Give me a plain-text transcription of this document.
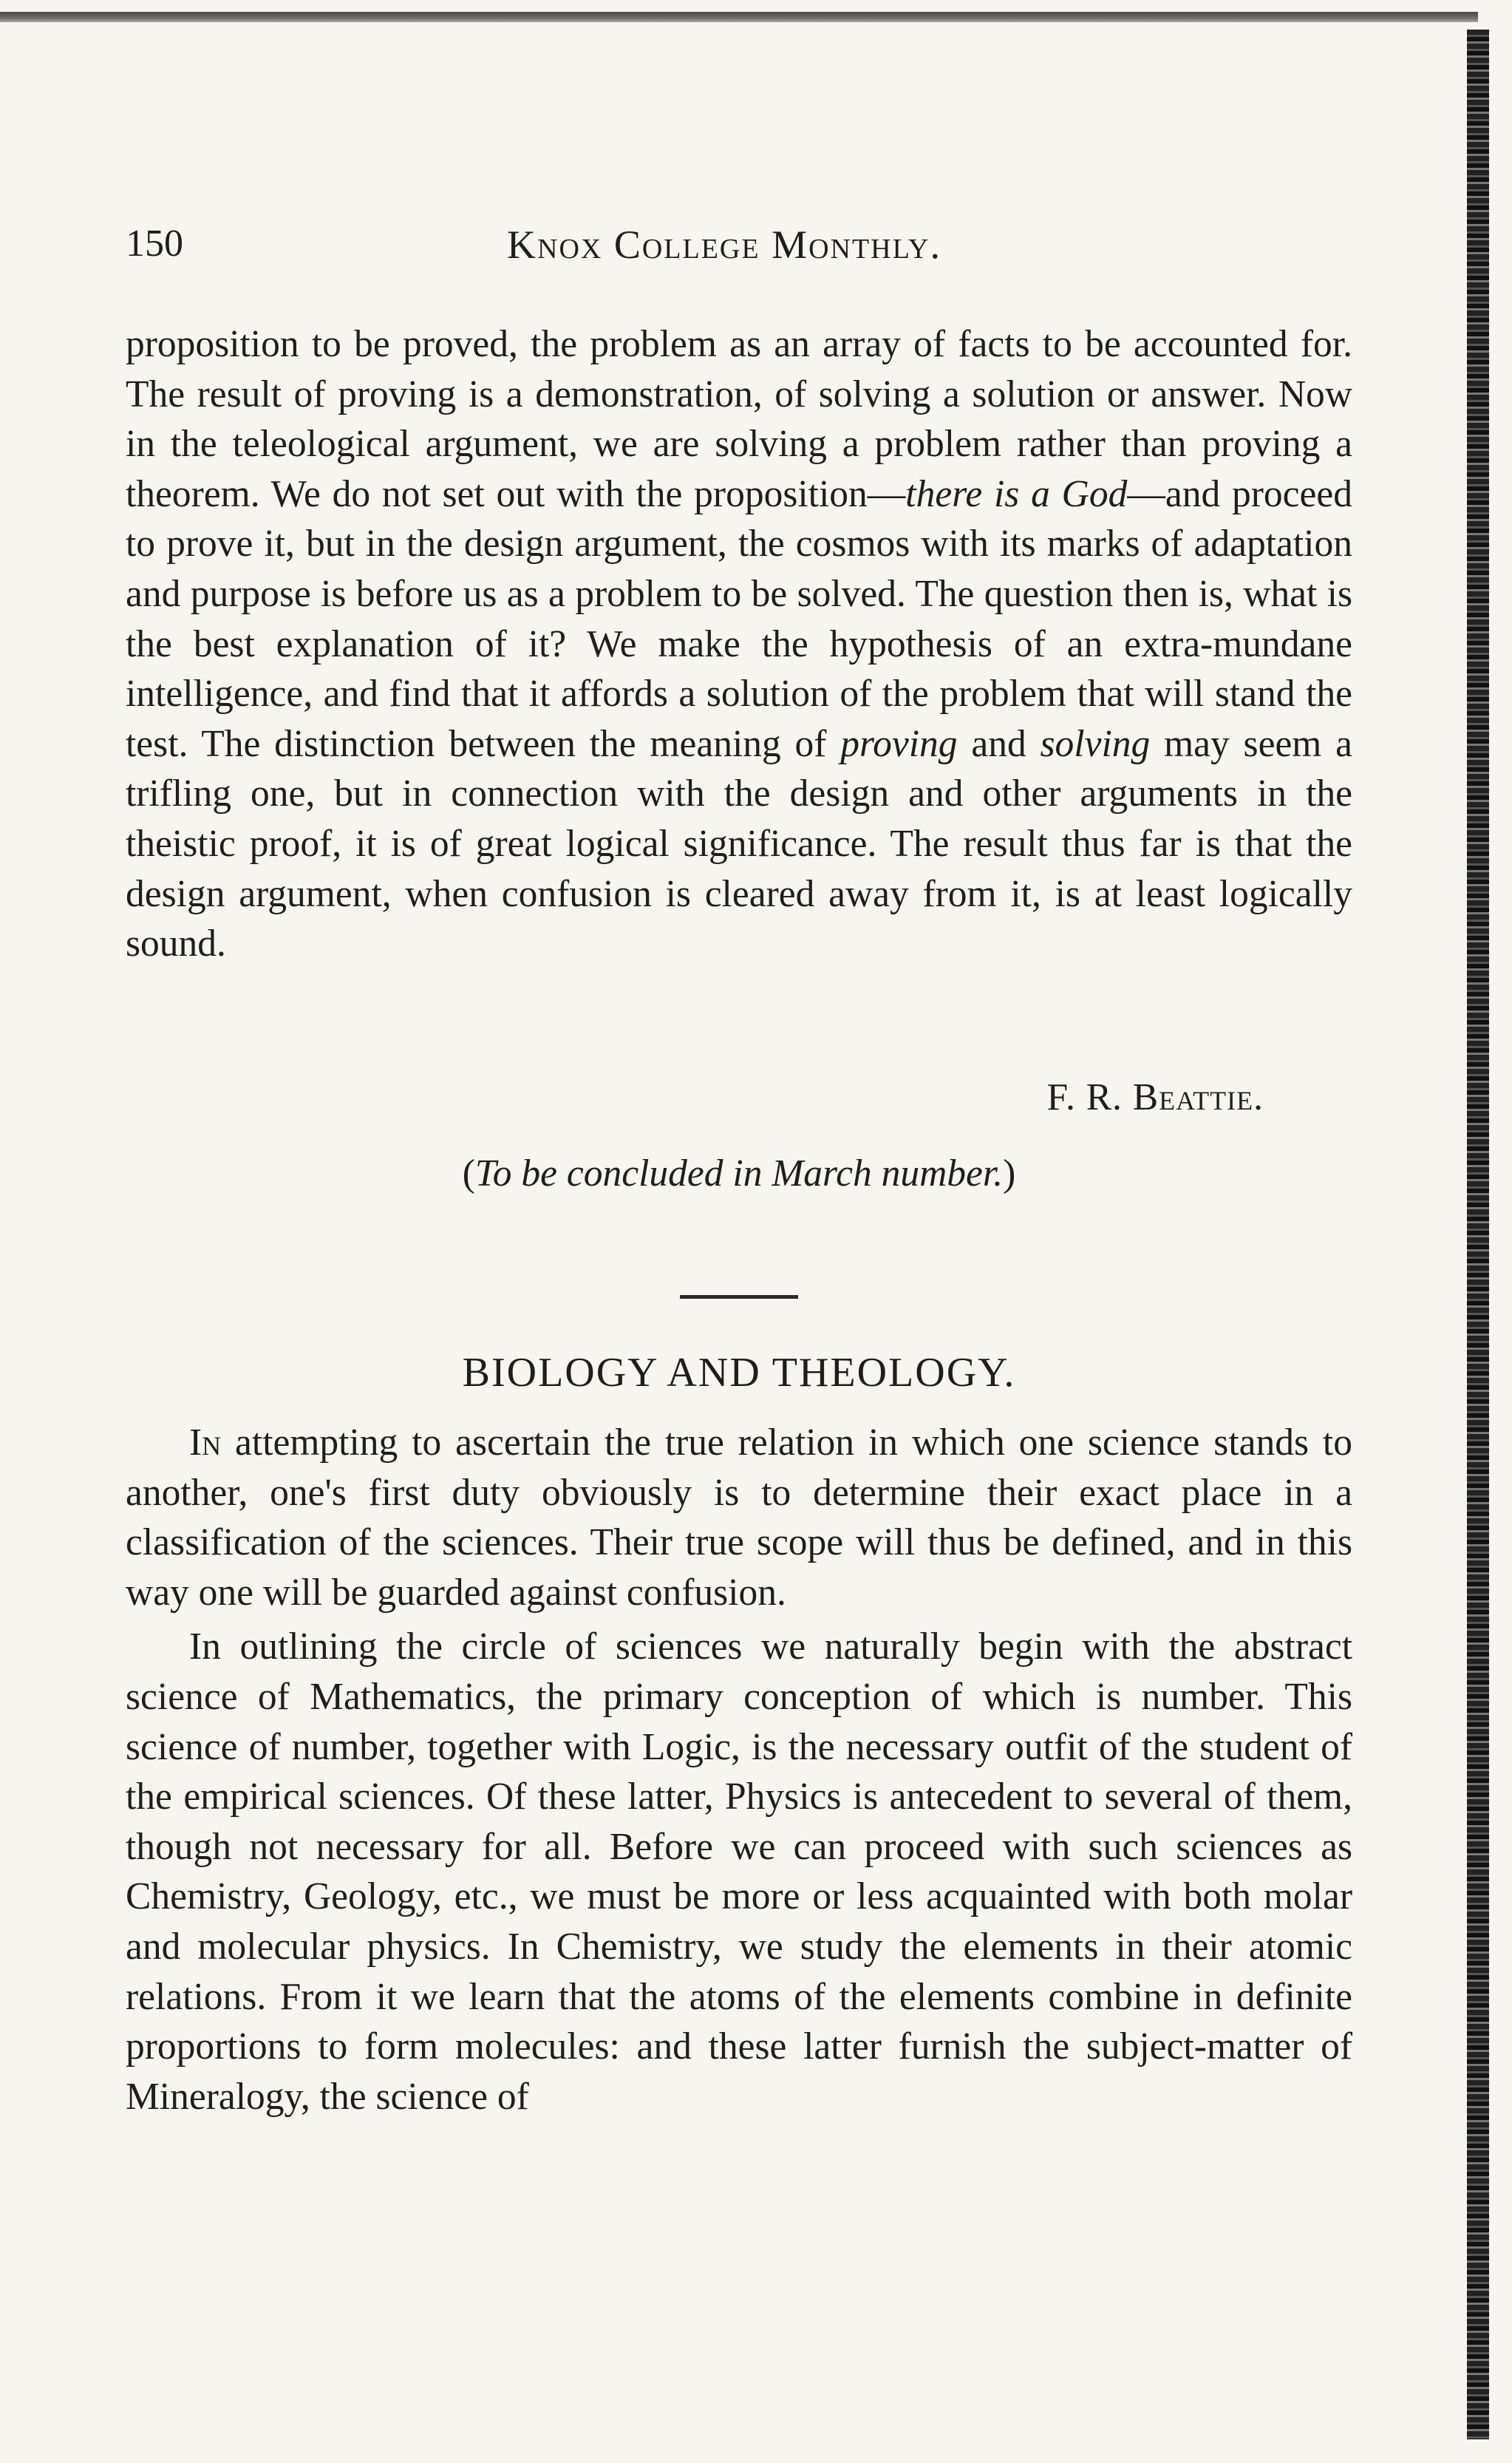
150	Knox College Monthly.

proposition to be proved, the problem as an array of facts to be accounted for. The result of proving is a demonstration, of solving a solution or answer. Now in the teleological argument, we are solving a problem rather than proving a theorem. We do not set out with the proposition—there is a God—and proceed to prove it, but in the design argument, the cosmos with its marks of adaptation and purpose is before us as a problem to be solved. The question then is, what is the best explanation of it? We make the hypothesis of an extra-mundane intelligence, and find that it affords a solution of the problem that will stand the test. The distinction between the meaning of proving and solving may seem a trifling one, but in connection with the design and other arguments in the theistic proof, it is of great logical significance. The result thus far is that the design argument, when confusion is cleared away from it, is at least logically sound.

F. R. Beattie.
(To be concluded in March number.)
BIOLOGY AND THEOLOGY.

In attempting to ascertain the true relation in which one science stands to another, one's first duty obviously is to determine their exact place in a classification of the sciences. Their true scope will thus be defined, and in this way one will be guarded against confusion.

In outlining the circle of sciences we naturally begin with the abstract science of Mathematics, the primary conception of which is number. This science of number, together with Logic, is the necessary outfit of the student of the empirical sciences. Of these latter, Physics is antecedent to several of them, though not necessary for all. Before we can proceed with such sciences as Chemistry, Geology, etc., we must be more or less acquainted with both molar and molecular physics. In Chemistry, we study the elements in their atomic relations. From it we learn that the atoms of the elements combine in definite proportions to form molecules: and these latter furnish the subject-matter of Mineralogy, the science of
